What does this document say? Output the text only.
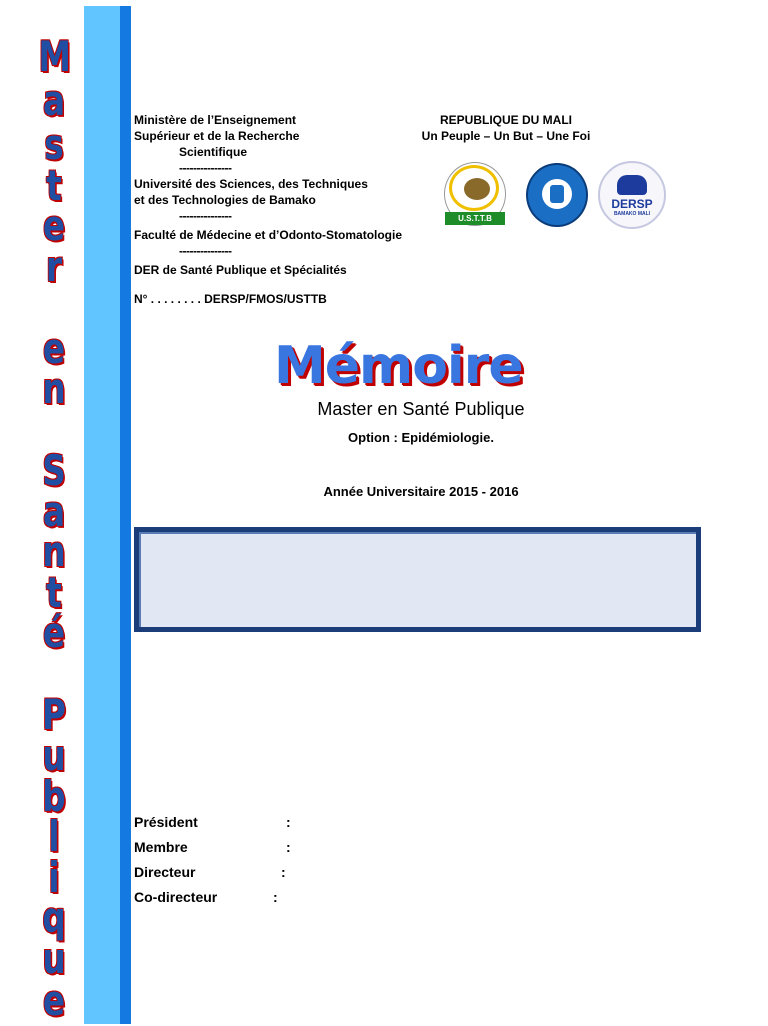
M
a
s
t
e
r
e
n
S
a
n
t
é
P
u
b
l
i
q
u
e
Ministère de l’Enseignement
Supérieur et de la Recherche
Scientifique
---------------
Université des Sciences, des Techniques
et des Technologies de Bamako
---------------
Faculté de Médecine et d’Odonto-Stomatologie
---------------
DER de Santé Publique et Spécialités
N° . . . . . . . . DERSP/FMOS/USTTB
REPUBLIQUE DU MALI
Un Peuple – Un But – Une Foi
U.S.T.T.B
DERSP
BAMAKO MALI
Mémoire
Master en Santé Publique
Option : Epidémiologie.
Année Universitaire 2015 - 2016
Président	:
Membre	:
Directeur	:
Co-directeur	:
